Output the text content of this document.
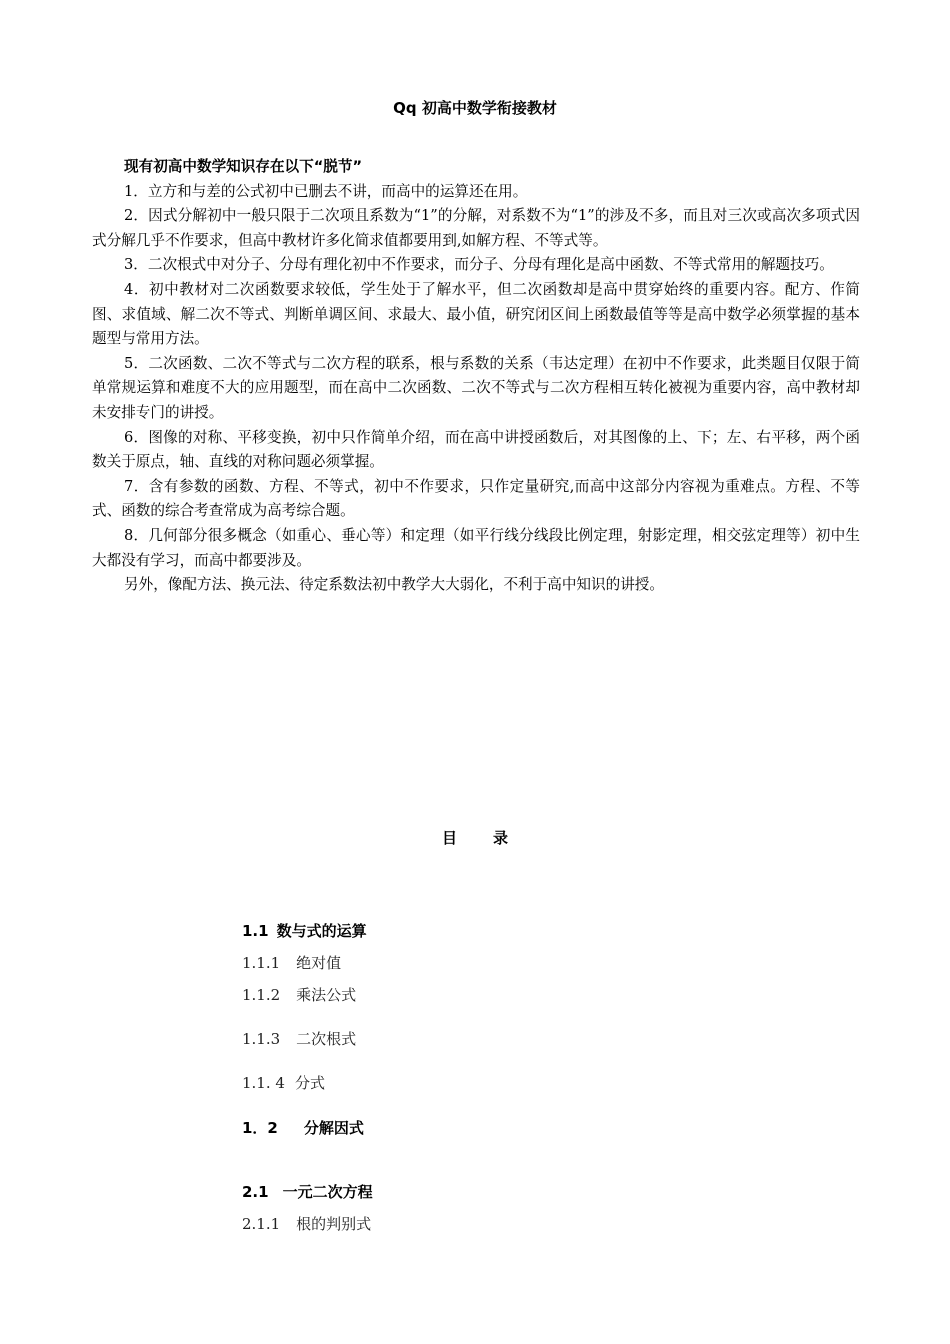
Qq 初高中数学衔接教材

现有初高中数学知识存在以下“脱节”

1．立方和与差的公式初中已删去不讲，而高中的运算还在用。

2．因式分解初中一般只限于二次项且系数为“1”的分解，对系数不为“1”的涉及不多，而且对三次或高次多项式因式分解几乎不作要求，但高中教材许多化简求值都要用到,如解方程、不等式等。

3．二次根式中对分子、分母有理化初中不作要求，而分子、分母有理化是高中函数、不等式常用的解题技巧。

4．初中教材对二次函数要求较低，学生处于了解水平，但二次函数却是高中贯穿始终的重要内容。配方、作简图、求值域、解二次不等式、判断单调区间、求最大、最小值，研究闭区间上函数最值等等是高中数学必须掌握的基本题型与常用方法。

5．二次函数、二次不等式与二次方程的联系，根与系数的关系（韦达定理）在初中不作要求，此类题目仅限于简单常规运算和难度不大的应用题型，而在高中二次函数、二次不等式与二次方程相互转化被视为重要内容，高中教材却未安排专门的讲授。

6．图像的对称、平移变换，初中只作简单介绍，而在高中讲授函数后，对其图像的上、下；左、右平移，两个函数关于原点，轴、直线的对称问题必须掌握。

7．含有参数的函数、方程、不等式，初中不作要求，只作定量研究,而高中这部分内容视为重难点。方程、不等式、函数的综合考查常成为高考综合题。

8．几何部分很多概念（如重心、垂心等）和定理（如平行线分线段比例定理，射影定理，相交弦定理等）初中生大都没有学习，而高中都要涉及。

另外，像配方法、换元法、待定系数法初中教学大大弱化，不利于高中知识的讲授。

目录
1.1 数与式的运算
1.1.1 绝对值
1.1.2 乘法公式
1.1.3 二次根式
1.1. 4 分式
1．2 分解因式
2.1 一元二次方程
2.1.1 根的判别式
